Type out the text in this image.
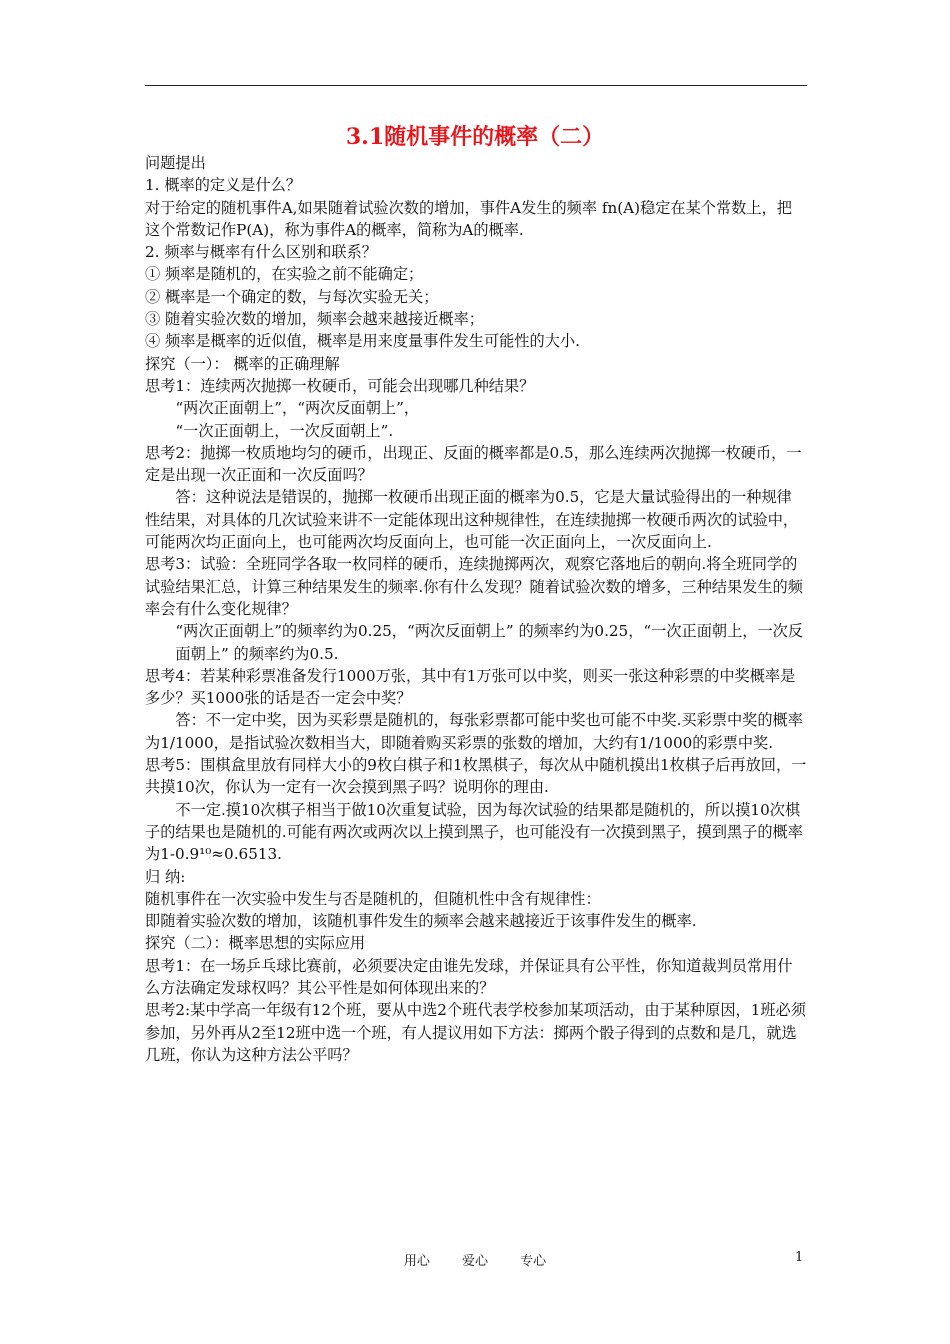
3.1随机事件的概率（二）

问题提出

1. 概率的定义是什么？

对于给定的随机事件A,如果随着试验次数的增加，事件A发生的频率 fn(A)稳定在某个常数上，把这个常数记作P(A)，称为事件A的概率，简称为A的概率.

2. 频率与概率有什么区别和联系？

① 频率是随机的，在实验之前不能确定；

② 概率是一个确定的数，与每次实验无关；

③ 随着实验次数的增加，频率会越来越接近概率；

④ 频率是概率的近似值，概率是用来度量事件发生可能性的大小.

探究（一）： 概率的正确理解

思考1：连续两次抛掷一枚硬币，可能会出现哪几种结果？

“两次正面朝上”，“两次反面朝上”，

“一次正面朝上，一次反面朝上”.

思考2：抛掷一枚质地均匀的硬币，出现正、反面的概率都是0.5，那么连续两次抛掷一枚硬币，一定是出现一次正面和一次反面吗？

答：这种说法是错误的，抛掷一枚硬币出现正面的概率为0.5，它是大量试验得出的一种规律性结果，对具体的几次试验来讲不一定能体现出这种规律性，在连续抛掷一枚硬币两次的试验中，可能两次均正面向上，也可能两次均反面向上，也可能一次正面向上，一次反面向上.

思考3：试验：全班同学各取一枚同样的硬币，连续抛掷两次，观察它落地后的朝向.将全班同学的试验结果汇总，计算三种结果发生的频率.你有什么发现？随着试验次数的增多，三种结果发生的频率会有什么变化规律？

“两次正面朝上”的频率约为0.25，“两次反面朝上” 的频率约为0.25，“一次正面朝上，一次反面朝上” 的频率约为0.5.

思考4：若某种彩票准备发行1000万张，其中有1万张可以中奖，则买一张这种彩票的中奖概率是多少？买1000张的话是否一定会中奖？

答：不一定中奖，因为买彩票是随机的，每张彩票都可能中奖也可能不中奖.买彩票中奖的概率为1/1000，是指试验次数相当大，即随着购买彩票的张数的增加，大约有1/1000的彩票中奖.

思考5：围棋盒里放有同样大小的9枚白棋子和1枚黑棋子，每次从中随机摸出1枚棋子后再放回，一共摸10次，你认为一定有一次会摸到黑子吗？说明你的理由.

不一定.摸10次棋子相当于做10次重复试验，因为每次试验的结果都是随机的，所以摸10次棋子的结果也是随机的.可能有两次或两次以上摸到黑子，也可能没有一次摸到黑子，摸到黑子的概率为1-0.9¹⁰≈0.6513.

归 纳:

随机事件在一次实验中发生与否是随机的，但随机性中含有规律性：

即随着实验次数的增加，该随机事件发生的频率会越来越接近于该事件发生的概率.

探究（二）：概率思想的实际应用

思考1：在一场乒乓球比赛前，必须要决定由谁先发球，并保证具有公平性，你知道裁判员常用什么方法确定发球权吗？其公平性是如何体现出来的？

思考2:某中学高一年级有12个班，要从中选2个班代表学校参加某项活动，由于某种原因，1班必须参加，另外再从2至12班中选一个班，有人提议用如下方法：掷两个骰子得到的点数和是几，就选几班，你认为这种方法公平吗？

用心 爱心 专心	1
